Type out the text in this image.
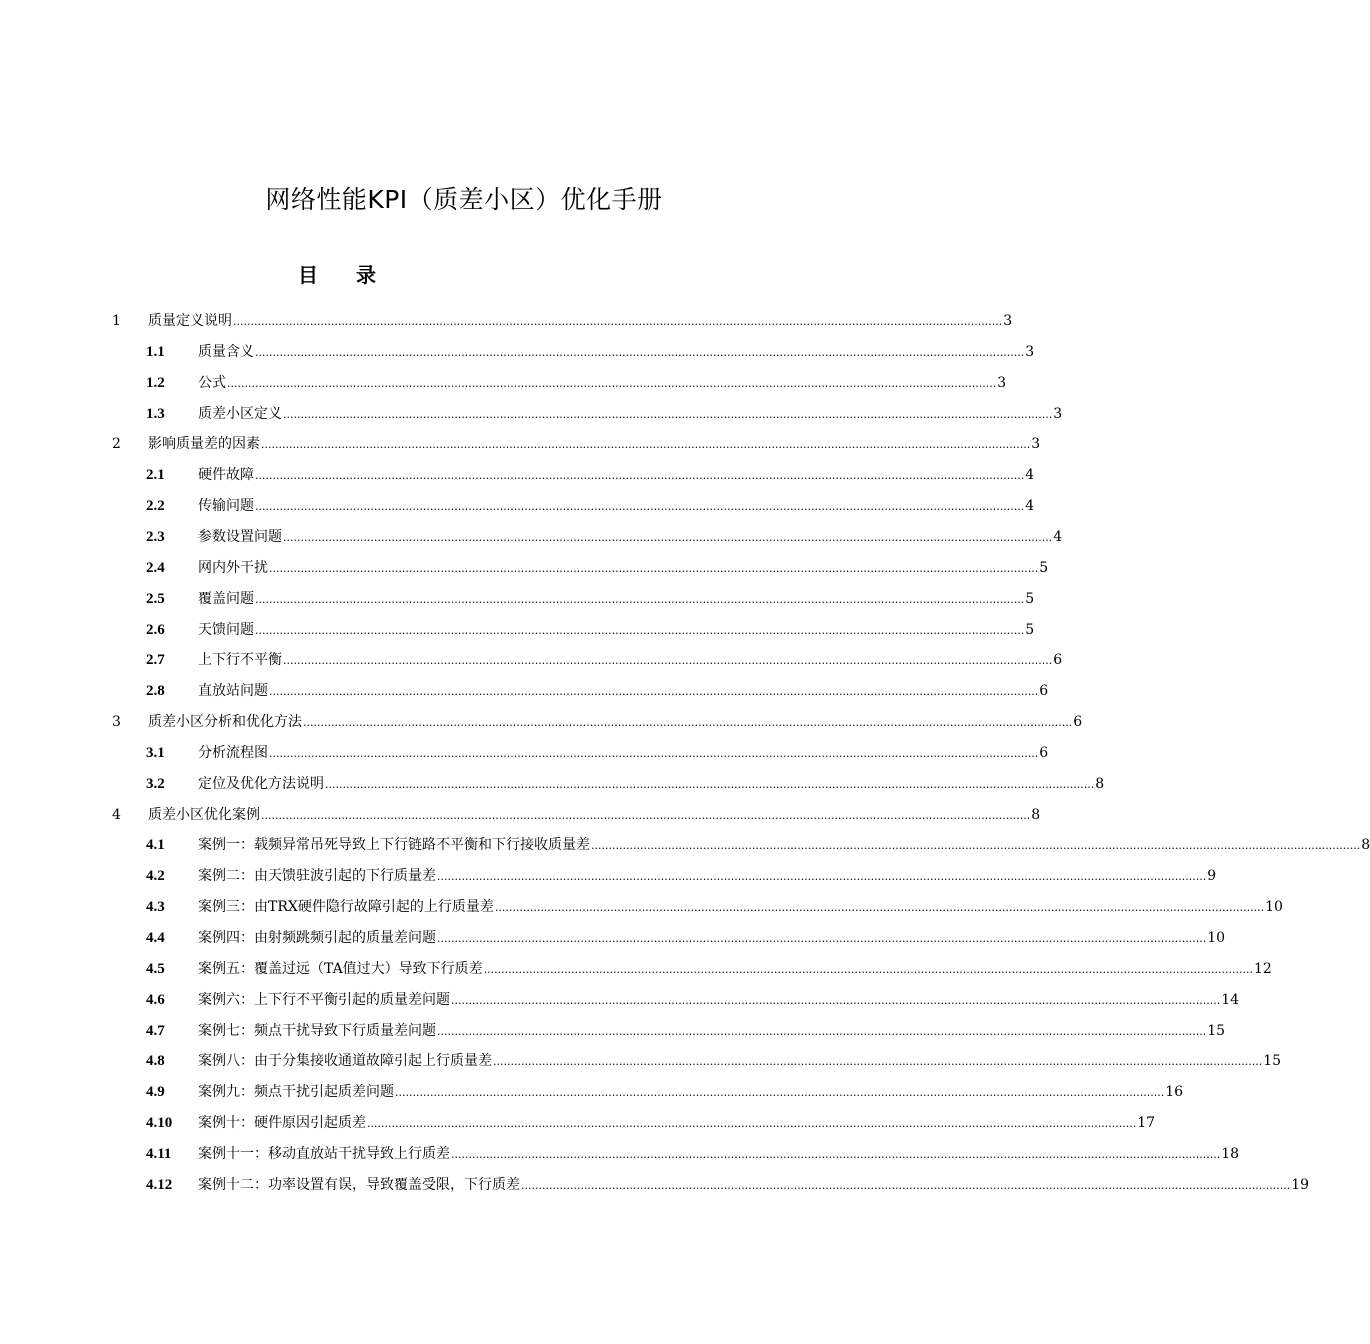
网络性能KPI（质差小区）优化手册
目 录
1	质量定义说明 ............................................................................................................................................................................................................................ 3
1.1	质量含义 ............................................................................................................................................................................................................................ 3
1.2	公式 ............................................................................................................................................................................................................................ 3
1.3	质差小区定义 ............................................................................................................................................................................................................................ 3
2	影响质量差的因素 ............................................................................................................................................................................................................................ 3
2.1	硬件故障 ............................................................................................................................................................................................................................ 4
2.2	传输问题 ............................................................................................................................................................................................................................ 4
2.3	参数设置问题 ............................................................................................................................................................................................................................ 4
2.4	网内外干扰 ............................................................................................................................................................................................................................ 5
2.5	覆盖问题 ............................................................................................................................................................................................................................ 5
2.6	天馈问题 ............................................................................................................................................................................................................................ 5
2.7	上下行不平衡 ............................................................................................................................................................................................................................ 6
2.8	直放站问题 ............................................................................................................................................................................................................................ 6
3	质差小区分析和优化方法 ............................................................................................................................................................................................................................ 6
3.1	分析流程图 ............................................................................................................................................................................................................................ 6
3.2	定位及优化方法说明 ............................................................................................................................................................................................................................ 8
4	质差小区优化案例 ............................................................................................................................................................................................................................ 8
4.1	案例一：载频异常吊死导致上下行链路不平衡和下行接收质量差 ............................................................................................................................................................................................................................ 8
4.2	案例二：由天馈驻波引起的下行质量差 ............................................................................................................................................................................................................................ 9
4.3	案例三：由TRX硬件隐行故障引起的上行质量差 ............................................................................................................................................................................................................................ 10
4.4	案例四：由射频跳频引起的质量差问题 ............................................................................................................................................................................................................................ 10
4.5	案例五：覆盖过远（TA值过大）导致下行质差 ............................................................................................................................................................................................................................ 12
4.6	案例六：上下行不平衡引起的质量差问题 ............................................................................................................................................................................................................................ 14
4.7	案例七：频点干扰导致下行质量差问题 ............................................................................................................................................................................................................................ 15
4.8	案例八：由于分集接收通道故障引起上行质量差 ............................................................................................................................................................................................................................ 15
4.9	案例九：频点干扰引起质差问题 ............................................................................................................................................................................................................................ 16
4.10	案例十：硬件原因引起质差 ............................................................................................................................................................................................................................ 17
4.11	案例十一：移动直放站干扰导致上行质差 ............................................................................................................................................................................................................................ 18
4.12	案例十二：功率设置有误，导致覆盖受限，下行质差 ............................................................................................................................................................................................................................ 19
